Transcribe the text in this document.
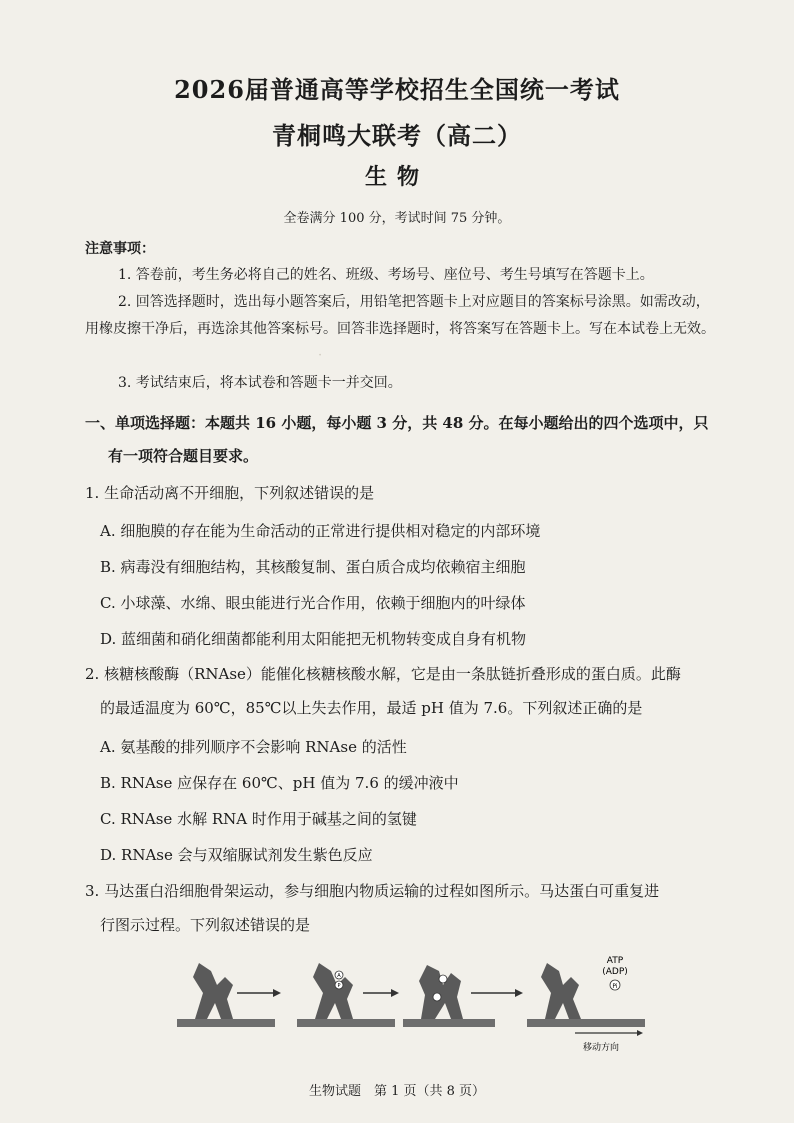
·
2026届普通高等学校招生全国统一考试
青桐鸣大联考（高二）
生物
全卷满分 100 分，考试时间 75 分钟。
注意事项：
1. 答卷前，考生务必将自己的姓名、班级、考场号、座位号、考生号填写在答题卡上。
2. 回答选择题时，选出每小题答案后，用铅笔把答题卡上对应题目的答案标号涂黑。如需改动，用橡皮擦干净后，再选涂其他答案标号。回答非选择题时，将答案写在答题卡上。写在本试卷上无效。
3. 考试结束后，将本试卷和答题卡一并交回。
一、单项选择题：本题共 16 小题，每小题 3 分，共 48 分。在每小题给出的四个选项中，只
有一项符合题目要求。
1. 生命活动离不开细胞，下列叙述错误的是
A. 细胞膜的存在能为生命活动的正常进行提供相对稳定的内部环境
B. 病毒没有细胞结构，其核酸复制、蛋白质合成均依赖宿主细胞
C. 小球藻、水绵、眼虫能进行光合作用，依赖于细胞内的叶绿体
D. 蓝细菌和硝化细菌都能利用太阳能把无机物转变成自身有机物
2. 核糖核酸酶（RNAse）能催化核糖核酸水解，它是由一条肽链折叠形成的蛋白质。此酶
的最适温度为 60℃，85℃以上失去作用，最适 pH 值为 7.6。下列叙述正确的是
A. 氨基酸的排列顺序不会影响 RNAse 的活性
B. RNAse 应保存在 60℃、pH 值为 7.6 的缓冲液中
C. RNAse 水解 RNA 时作用于碱基之间的氢键
D. RNAse 会与双缩脲试剂发生紫色反应
3. 马达蛋白沿细胞骨架运动，参与细胞内物质运输的过程如图所示。马达蛋白可重复进
行图示过程。下列叙述错误的是
A
P
ATP
(ADP)
Pi
移动方向
生物试题　第 1 页（共 8 页）
